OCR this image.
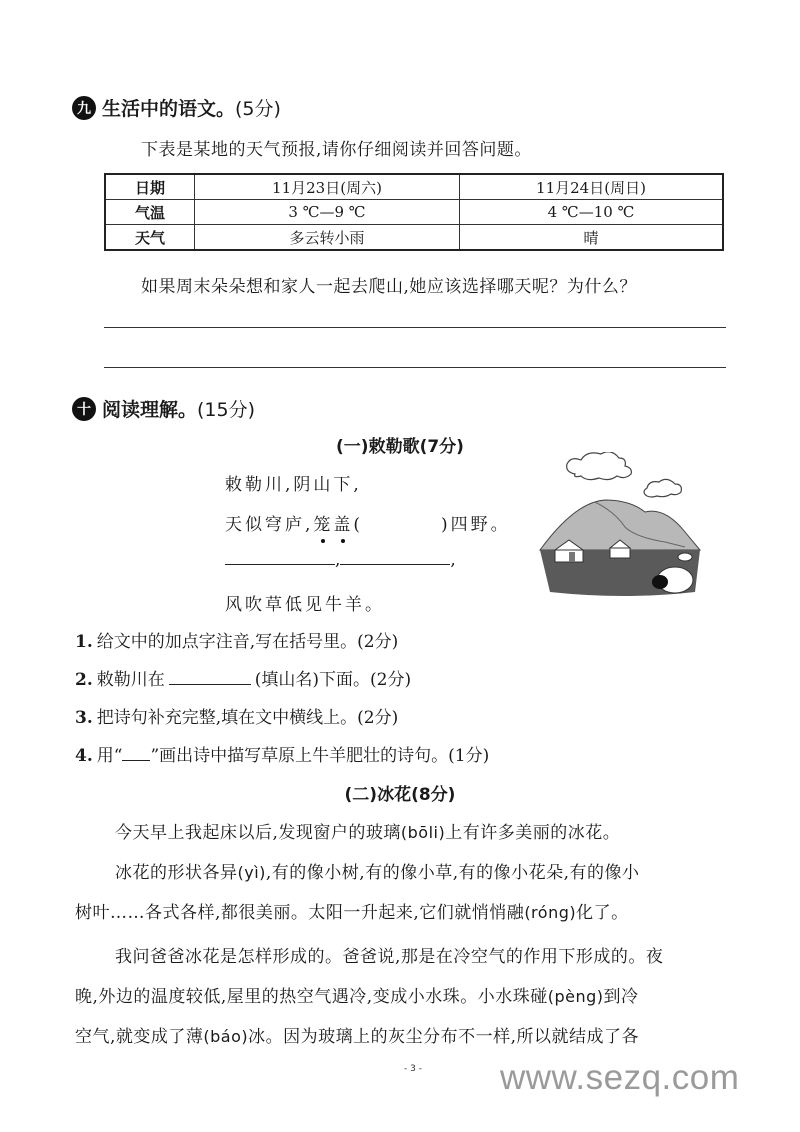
九 生活中的语文。 (5分)
下表是某地的天气预报,请你仔细阅读并回答问题。
日期	11月23日(周六)	11月24日(周日)
气温	3 ℃—9 ℃	4 ℃—10 ℃
天气	多云转小雨	晴
如果周末朵朵想和家人一起去爬山,她应该选择哪天呢？为什么？
十 阅读理解。 (15分)
(一)敕勒歌(7分)
敕勒川,阴山下,
天似穹庐,笼盖(	)四野。
,	,
风吹草低见牛羊。
1. 给文中的加点字注音,写在括号里。(2分)
2. 敕勒川在	(填山名)下面。(2分)
3. 把诗句补充完整,填在文中横线上。(2分)
4. 用“ ”画出诗中描写草原上牛羊肥壮的诗句。(1分)
(二)冰花(8分)
今天早上我起床以后,发现窗户的玻璃(bōli)上有许多美丽的冰花。
冰花的形状各异(yì),有的像小树,有的像小草,有的像小花朵,有的像小
树叶……各式各样,都很美丽。太阳一升起来,它们就悄悄融(róng)化了。
我问爸爸冰花是怎样形成的。爸爸说,那是在冷空气的作用下形成的。夜
晚,外边的温度较低,屋里的热空气遇冷,变成小水珠。小水珠碰(pèng)到冷
空气,就变成了薄(báo)冰。因为玻璃上的灰尘分布不一样,所以就结成了各
- 3 - www.sezq.com
